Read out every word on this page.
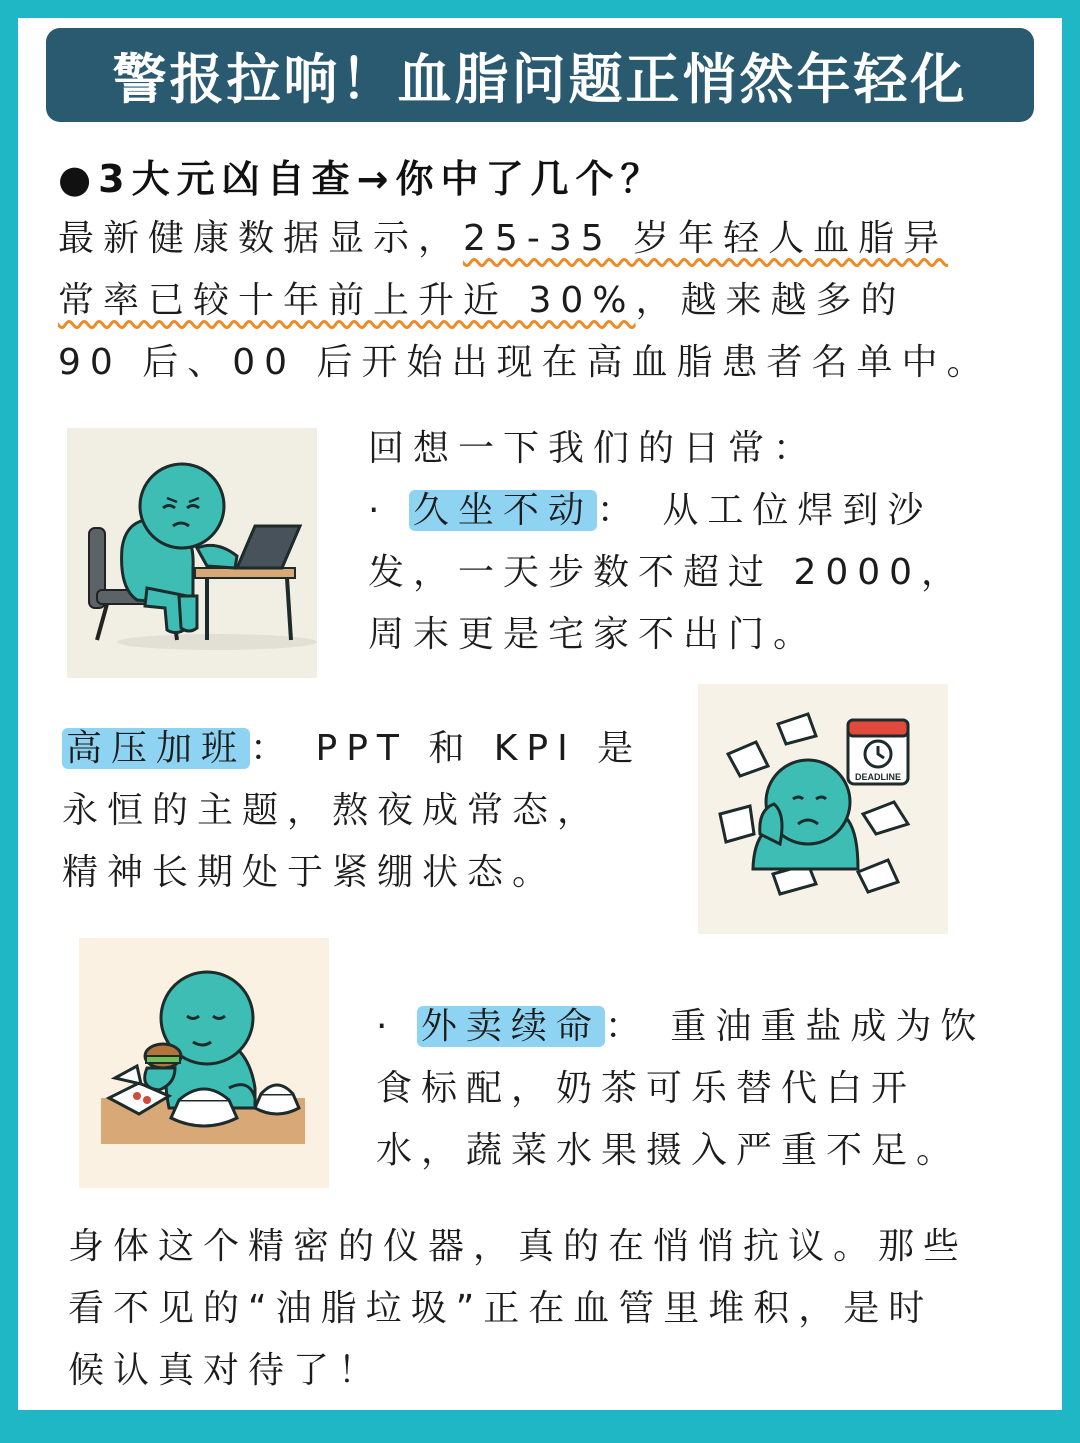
警报拉响！血脂问题正悄然年轻化
●3大元凶自查→你中了几个？
最新健康数据显示，25-35 岁年轻人血脂异
常率已较十年前上升近 30%，越来越多的
90 后、00 后开始出现在高血脂患者名单中。
回想一下我们的日常：
· 久坐不动 ： 从工位焊到沙
发，一天步数不超过 2000，
周末更是宅家不出门。
高压加班 ： PPT 和 KPI 是
永恒的主题，熬夜成常态，
精神长期处于紧绷状态。
DEADLINE
· 外卖续命 ： 重油重盐成为饮
食标配，奶茶可乐替代白开
水，蔬菜水果摄入严重不足。
身体这个精密的仪器，真的在悄悄抗议。那些
看不见的“油脂垃圾”正在血管里堆积，是时
候认真对待了！
